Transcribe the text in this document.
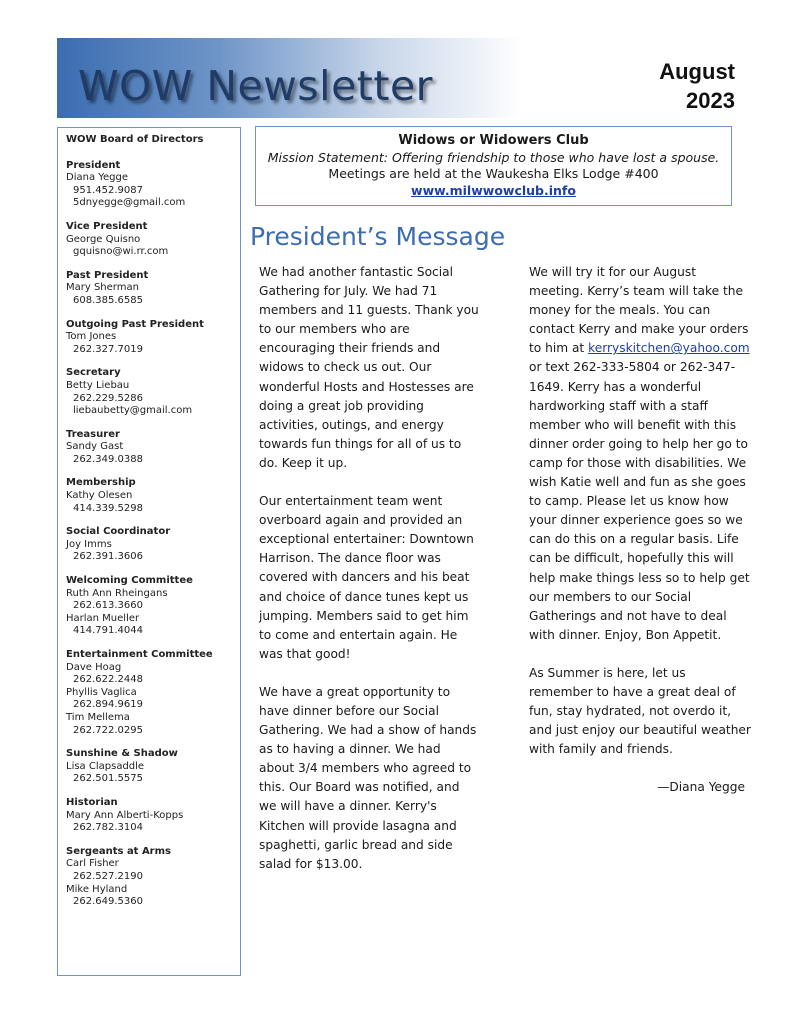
WOW Newsletter	August
2023
WOW Board of Directors
President
Diana Yegge
951.452.9087
5dnyegge@gmail.com
Vice President
George Quisno
gquisno@wi.rr.com
Past President
Mary Sherman
608.385.6585
Outgoing Past President
Tom Jones
262.327.7019
Secretary
Betty Liebau
262.229.5286
liebaubetty@gmail.com
Treasurer
Sandy Gast
262.349.0388
Membership
Kathy Olesen
414.339.5298
Social Coordinator
Joy Imms
262.391.3606
Welcoming Committee
Ruth Ann Rheingans
262.613.3660
Harlan Mueller
414.791.4044
Entertainment Committee
Dave Hoag
262.622.2448
Phyllis Vaglica
262.894.9619
Tim Mellema
262.722.0295
Sunshine & Shadow
Lisa Clapsaddle
262.501.5575
Historian
Mary Ann Alberti-Kopps
262.782.3104
Sergeants at Arms
Carl Fisher
262.527.2190
Mike Hyland
262.649.5360
Widows or Widowers Club
Mission Statement: Offering friendship to those who have lost a spouse.
Meetings are held at the Waukesha Elks Lodge #400
www.milwwowclub.info
President’s Message

We had another fantastic Social Gathering for July. We had 71 members and 11 guests. Thank you to our members who are encouraging their friends and widows to check us out. Our wonderful Hosts and Hostesses are doing a great job providing activities, outings, and energy towards fun things for all of us to do. Keep it up.

Our entertainment team went overboard again and provided an exceptional entertainer: Downtown Harrison. The dance floor was covered with dancers and his beat and choice of dance tunes kept us jumping. Members said to get him to come and entertain again. He was that good!

We have a great opportunity to have dinner before our Social Gathering. We had a show of hands as to having a dinner. We had about 3/4 members who agreed to this. Our Board was notified, and we will have a dinner. Kerry's Kitchen will provide lasagna and spaghetti, garlic bread and side salad for $13.00.

We will try it for our August meeting. Kerry’s team will take the money for the meals. You can contact Kerry and make your orders to him at kerryskitchen@yahoo.com or text 262-333-5804 or 262-347-1649. Kerry has a wonderful hardworking staff with a staff member who will benefit with this dinner order going to help her go to camp for those with disabilities. We wish Katie well and fun as she goes to camp. Please let us know how your dinner experience goes so we can do this on a regular basis. Life can be difficult, hopefully this will help make things less so to help get our members to our Social Gatherings and not have to deal with dinner. Enjoy, Bon Appetit.

As Summer is here, let us remember to have a great deal of fun, stay hydrated, not overdo it, and just enjoy our beautiful weather with family and friends.

—Diana Yegge
